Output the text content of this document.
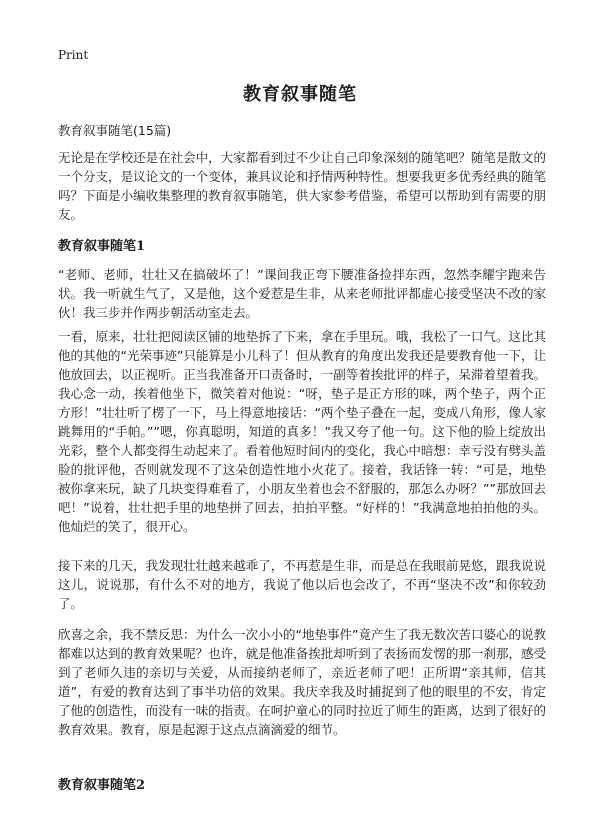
Print
教育叙事随笔
教育叙事随笔(15篇)

无论是在学校还是在社会中，大家都看到过不少让自己印象深刻的随笔吧？随笔是散文的一个分支，是议论文的一个变体，兼具议论和抒情两种特性。想要我更多优秀经典的随笔吗？下面是小编收集整理的教育叙事随笔，供大家参考借鉴，希望可以帮助到有需要的朋友。

教育叙事随笔1

“老师、老师，壮壮又在搞破坏了！”课间我正弯下腰准备捡拌东西，忽然李耀宇跑来告状。我一听就生气了，又是他，这个爱惹是生非，从来老师批评都虚心接受坚决不改的家伙！我三步并作两步朝活动室走去。

一看，原来，壮壮把阅读区铺的地垫拆了下来，拿在手里玩。哦，我松了一口气。这比其他的其他的“光荣事迹”只能算是小儿科了！但从教育的角度出发我还是要教育他一下，让他放回去，以正视听。正当我准备开口责备时，一副等着挨批评的样子，呆滞着望着我。我心念一动，挨着他坐下，微笑着对他说：“呀，垫子是正方形的咪，两个垫子，两个正方形！”壮壮听了楞了一下，马上得意地接话：“两个垫子叠在一起，变成八角形，像人家跳舞用的“手帕。””嗯，你真聪明，知道的真多！”我又夸了他一句。这下他的脸上绽放出光彩，整个人都变得生动起来了。看着他短时间内的变化，我心中暗想：幸亏没有劈头盖脸的批评他，否则就发现不了这朵创造性地小火花了。接着，我话锋一转：“可是，地垫被你拿来玩，缺了几块变得难看了，小朋友坐着也会不舒服的，那怎么办呀？””那放回去吧！”说着，壮壮把手里的地垫拼了回去，拍拍平整。“好样的！”我满意地拍拍他的头。他灿烂的笑了，很开心。

接下来的几天，我发现壮壮越来越乖了，不再惹是生非，而是总在我眼前晃悠，跟我说说这儿，说说那，有什么不对的地方，我说了他以后也会改了，不再“坚决不改”和你较劲了。

欣喜之余，我不禁反思：为什么一次小小的“地垫事件”竟产生了我无数次苦口婆心的说教都难以达到的教育效果呢？也许，就是他准备挨批却听到了表扬而发愣的那一刹那，感受到了老师久违的亲切与关爱，从而接纳老师了，亲近老师了吧！正所谓“亲其师，信其道”，有爱的教育达到了事半功倍的效果。我庆幸我及时捕捉到了他的眼里的不安，肯定了他的创造性，而没有一味的指责。在呵护童心的同时拉近了师生的距离，达到了很好的教育效果。教育，原是起源于这点点滴滴爱的细节。

教育叙事随笔2
